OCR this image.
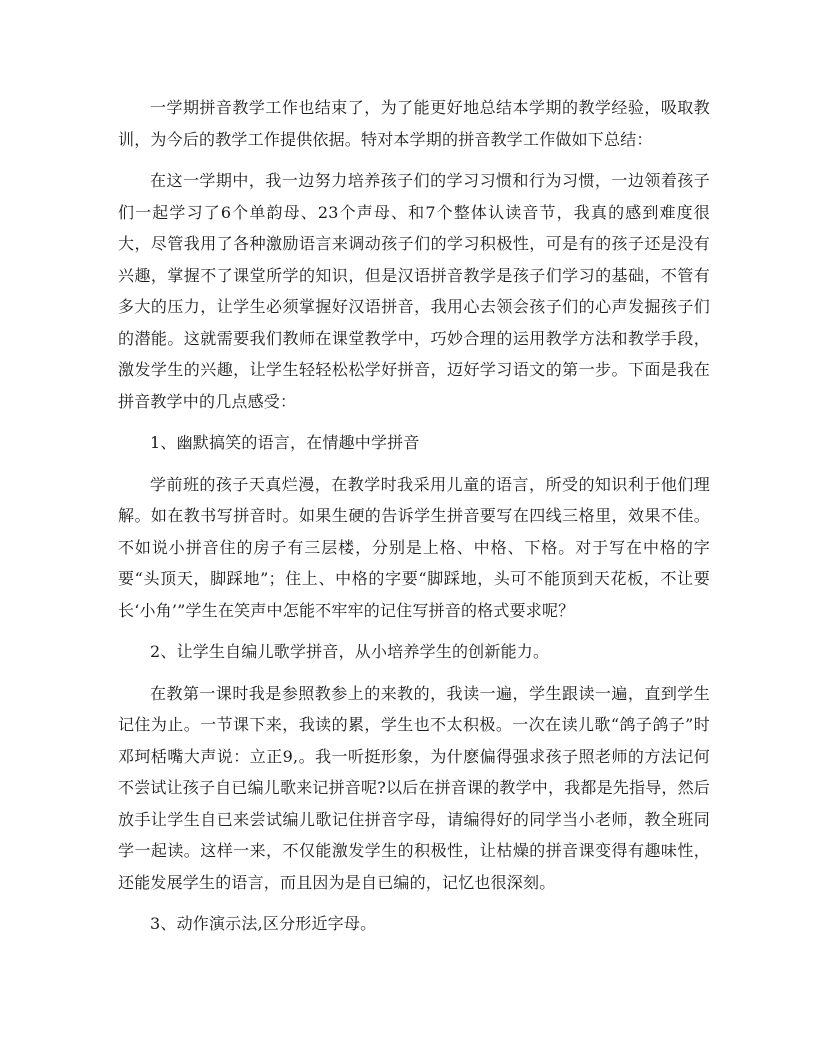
一学期拼音教学工作也结束了，为了能更好地总结本学期的教学经验，吸取教训，为今后的教学工作提供依据。特对本学期的拼音教学工作做如下总结：

在这一学期中，我一边努力培养孩子们的学习习惯和行为习惯，一边领着孩子们一起学习了6个单韵母、23个声母、和7个整体认读音节，我真的感到难度很大，尽管我用了各种激励语言来调动孩子们的学习积极性，可是有的孩子还是没有兴趣，掌握不了课堂所学的知识，但是汉语拼音教学是孩子们学习的基础，不管有多大的压力，让学生必须掌握好汉语拼音，我用心去领会孩子们的心声发掘孩子们的潜能。这就需要我们教师在课堂教学中，巧妙合理的运用教学方法和教学手段，激发学生的兴趣，让学生轻轻松松学好拼音，迈好学习语文的第一步。下面是我在拼音教学中的几点感受：

1、幽默搞笑的语言，在情趣中学拼音

学前班的孩子天真烂漫，在教学时我采用儿童的语言，所受的知识利于他们理解。如在教书写拼音时。如果生硬的告诉学生拼音要写在四线三格里，效果不佳。不如说小拼音住的房子有三层楼，分别是上格、中格、下格。对于写在中格的字要“头顶天，脚踩地”；住上、中格的字要“脚踩地，头可不能顶到天花板，不让要长‘小角’”学生在笑声中怎能不牢牢的记住写拼音的格式要求呢？

2、让学生自编儿歌学拼音，从小培养学生的创新能力。

在教第一课时我是参照教参上的来教的，我读一遍，学生跟读一遍，直到学生记住为止。一节课下来，我读的累，学生也不太积极。一次在读儿歌“鸽子鸽子”时邓珂栝嘴大声说：立正9,。我一听挺形象，为什麽偏得强求孩子照老师的方法记何不尝试让孩子自已编儿歌来记拼音呢?以后在拼音课的教学中，我都是先指导，然后放手让学生自已来尝试编儿歌记住拼音字母，请编得好的同学当小老师，教全班同学一起读。这样一来，不仅能激发学生的积极性，让枯燥的拼音课变得有趣味性，还能发展学生的语言，而且因为是自已编的，记忆也很深刻。

3、动作演示法,区分形近字母。
